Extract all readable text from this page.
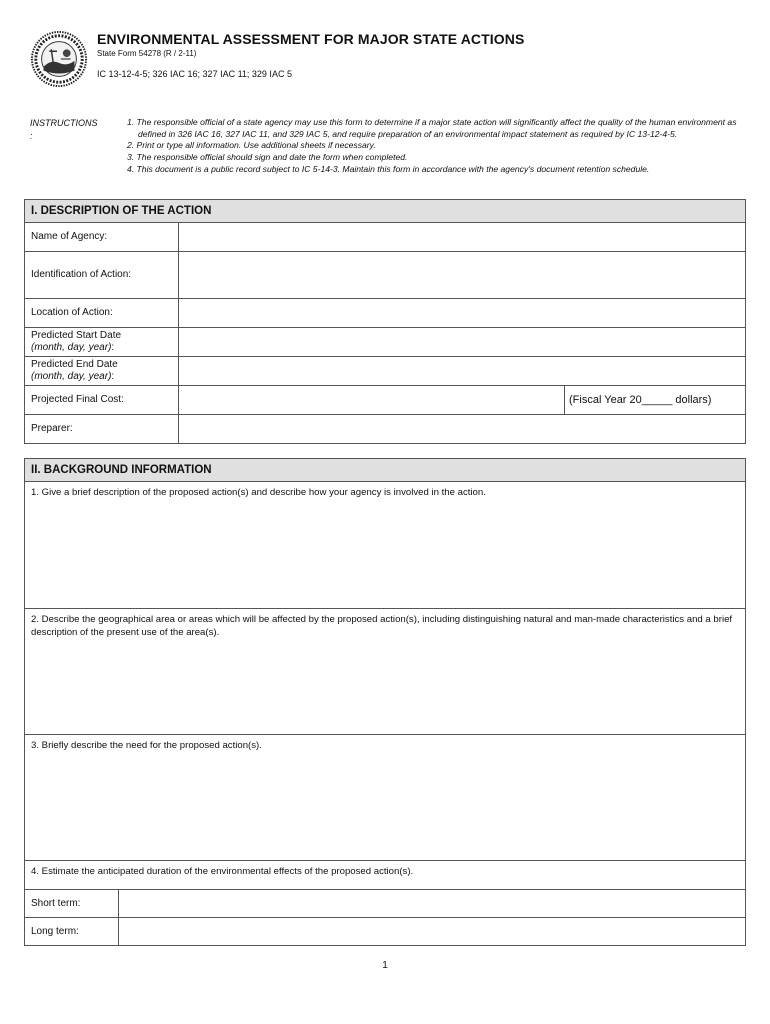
ENVIRONMENTAL ASSESSMENT FOR MAJOR STATE ACTIONS
State Form 54278 (R / 2-11)
IC 13-12-4-5; 326 IAC 16; 327 IAC 11; 329 IAC 5
INSTRUCTIONS
:
1. The responsible official of a state agency may use this form to determine if a major state action will significantly affect the quality of the human environment as defined in 326 IAC 16, 327 IAC 11, and 329 IAC 5, and require preparation of an environmental impact statement as required by IC 13-12-4-5.
2. Print or type all information. Use additional sheets if necessary.
3. The responsible official should sign and date the form when completed.
4. This document is a public record subject to IC 5-14-3. Maintain this form in accordance with the agency's document retention schedule.
I. DESCRIPTION OF THE ACTION
Name of Agency:
Identification of Action:
Location of Action:
Predicted Start Date
(month, day, year):
Predicted End Date
(month, day, year):
Projected Final Cost:	(Fiscal Year 20_____ dollars)
Preparer:
II. BACKGROUND INFORMATION
1. Give a brief description of the proposed action(s) and describe how your agency is involved in the action.
2. Describe the geographical area or areas which will be affected by the proposed action(s), including distinguishing natural and man-made characteristics and a brief description of the present use of the area(s).
3. Briefly describe the need for the proposed action(s).
4. Estimate the anticipated duration of the environmental effects of the proposed action(s).
Short term:
Long term:
1
